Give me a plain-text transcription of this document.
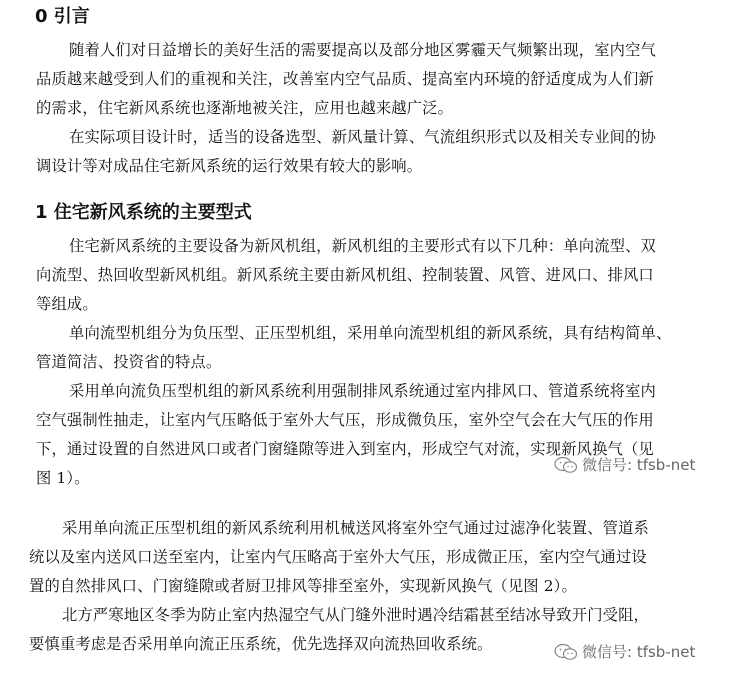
0 引言

随着人们对日益增长的美好生活的需要提高以及部分地区雾霾天气频繁出现，室内空气

品质越来越受到人们的重视和关注，改善室内空气品质、提高室内环境的舒适度成为人们新

的需求，住宅新风系统也逐渐地被关注，应用也越来越广泛。

在实际项目设计时，适当的设备选型、新风量计算、气流组织形式以及相关专业间的协

调设计等对成品住宅新风系统的运行效果有较大的影响。

1 住宅新风系统的主要型式

住宅新风系统的主要设备为新风机组，新风机组的主要形式有以下几种：单向流型、双

向流型、热回收型新风机组。新风系统主要由新风机组、控制装置、风管、进风口、排风口

等组成。

单向流型机组分为负压型、正压型机组，采用单向流型机组的新风系统，具有结构简单、

管道简洁、投资省的特点。

采用单向流负压型机组的新风系统利用强制排风系统通过室内排风口、管道系统将室内

空气强制性抽走，让室内气压略低于室外大气压，形成微负压，室外空气会在大气压的作用

下，通过设置的自然进风口或者门窗缝隙等进入到室内，形成空气对流，实现新风换气（见

图 1）。

微信号: tfsb-net

采用单向流正压型机组的新风系统利用机械送风将室外空气通过过滤净化装置、管道系

统以及室内送风口送至室内，让室内气压略高于室外大气压，形成微正压，室内空气通过设

置的自然排风口、门窗缝隙或者厨卫排风等排至室外，实现新风换气（见图 2）。

北方严寒地区冬季为防止室内热湿空气从门缝外泄时遇冷结霜甚至结冰导致开门受阻，

要慎重考虑是否采用单向流正压系统，优先选择双向流热回收系统。	微信号: tfsb-net
